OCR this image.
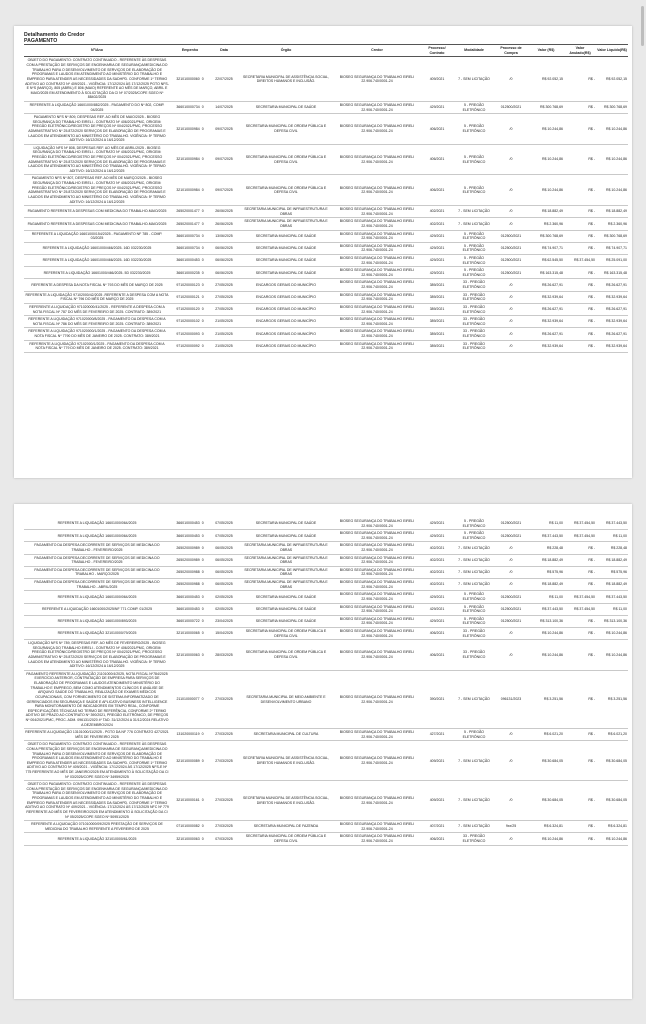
Detalhamento do Credor
PAGAMENTO
Nº/Ano	Empenho	Data	Órgão	Credor	Processo/ Contrato	Modalidade	Processo de Compra	Valor (R$)	Valor Anulado(R$)	Valor Líquido(R$)
OBJETO DO PAGAMENTO: CONTRATO CONTINUADO - REFERENTE ÀS DESPESAS COM A PRESTAÇÃO DE SERVIÇOS DE ENGENHARIA DE SEGURANÇA/MEDICINA DO TRABALHO PARA O DESENVOLVIMENTO DE SERVIÇOS DE ELABORAÇÃO DE PROGRAMAS E LAUDOS EM ATENDIMENTO AO MINISTÉRIO DO TRABALHO E EMPREGO PARA ATENDER AS NECESSIDADES DA SADHPD. CONFORME 1º TERMO ADITIVO AO CONTRATO Nº 409/2021 - VIGÊNCIA: 17/12/2024 ÀS 17/12/2025 PGTO NFS-E NºS (MARÇO), 805 (ABRIL) E 806 (MAIO) REFERENTE AO MÊS DE MARÇO, ABRIL E MAIO/2025 EM ATENDIMENTO À SOLICITAÇÃO DA CI Nº 07/2025/COPE SGEO Nº 88402/2025	321010000060 0	22/07/2025	SECRETARIA MUNICIPAL DE ASSISTÊNCIA SOCIAL, DIREITOS HUMANOS E INCLUSÃO.	BIOSEG SEGURANÇA DO TRABALHO EIRELI 22.906.740/0001-24	409/2021	7 - SEM LICITAÇÃO	/0	R$ 92.052,15	R$ -	R$ 92.052,15
REFERENTE A LIQUIDAÇÃO 16601000/882/2025 - PAGAMENTO DO Nº 802, COMP. 04/2025	366010000734 0	14/07/2025	SECRETARIA MUNICIPAL DE SAÚDE	BIOSEG SEGURANÇA DO TRABALHO EIRELI 22.906.740/0001-24	429/2021	5 - PREGÃO ELETRÔNICO	012500/2021	R$ 300.768,69	R$ -	R$ 300.768,69
PAGAMENTO NFS Nº 809, DESPESAS REF. AO MÊS DE MAIO/2025 - BIOSEG SEGURANÇA DO TRABALHO EIRELI - CONTRATO Nº 406/2021/PMC, ORIGEM: PREGÃO ELETRÔNICO/REGISTRO DE PREÇOS Nº 004/2021/PMC, PROCESSO ADMINISTRATIVO Nº 25.872/2020 SERVIÇOS DE ELABORAÇÃO DE PROGRAMAS E LAUDOS EM ATENDIMENTO AO MINISTÉRIO DO TRABALHO. VIGÊNCIA: 5º TERMO ADITIVO: 16/12/2024 A 16/12/2025	321010000984 0	09/07/2025	SECRETARIA MUNICIPAL DE ORDEM PÚBLICA E DEFESA CIVIL	BIOSEG SEGURANÇA DO TRABALHO EIRELI 22.906.740/0001-24	406/2021	5 - PREGÃO ELETRÔNICO	/0	R$ 10.244,86	R$ -	R$ 10.244,86
LIQUIDAÇÃO NFS Nº 808, DESPESAS REF. AO MÊS DE ABRIL/2025 - BIOSEG SEGURANÇA DO TRABALHO EIRELI - CONTRATO Nº 406/2021/PMC, ORIGEM: PREGÃO ELETRÔNICO/REGISTRO DE PREÇOS Nº 004/2021/PMC, PROCESSO ADMINISTRATIVO Nº 25.872/2020 SERVIÇOS DE ELABORAÇÃO DE PROGRAMAS E LAUDOS EM ATENDIMENTO AO MINISTÉRIO DO TRABALHO. VIGÊNCIA: 5º TERMO ADITIVO: 16/12/2024 A 16/12/2025	321010000984 0	09/07/2025	SECRETARIA MUNICIPAL DE ORDEM PÚBLICA E DEFESA CIVIL	BIOSEG SEGURANÇA DO TRABALHO EIRELI 22.906.740/0001-24	406/2021	5 - PREGÃO ELETRÔNICO	/0	R$ 10.244,86	R$ -	R$ 10.244,86
PAGAMENTO NFS Nº 807, DESPESAS REF. AO MÊS DE MARÇO/2025 - BIOSEG SEGURANÇA DO TRABALHO EIRELI - CONTRATO Nº 406/2021/PMC, ORIGEM: PREGÃO ELETRÔNICO/REGISTRO DE PREÇOS Nº 004/2021/PMC, PROCESSO ADMINISTRATIVO Nº 25.872/2020 SERVIÇOS DE ELABORAÇÃO DE PROGRAMAS E LAUDOS EM ATENDIMENTO AO MINISTÉRIO DO TRABALHO. VIGÊNCIA: 5º TERMO ADITIVO: 16/12/2024 A 16/12/2025	321010000984 0	09/07/2025	SECRETARIA MUNICIPAL DE ORDEM PÚBLICA E DEFESA CIVIL	BIOSEG SEGURANÇA DO TRABALHO EIRELI 22.906.740/0001-24	406/2021	5 - PREGÃO ELETRÔNICO	/0	R$ 10.244,86	R$ -	R$ 10.244,86
PAGAMENTO REFERENTE A DESPESAS COM MEDICINA DO TRABALHO-MAIO/2025	265020001477 0	26/06/2025	SECRETARIA MUNICIPAL DE INFRAESTRUTURA E OBRAS	BIOSEG SEGURANÇA DO TRABALHO EIRELI 22.906.740/0001-24	402/2021	7 - SEM LICITAÇÃO	/0	R$ 18.882,49	R$ -	R$ 18.882,49
PAGAMENTO REFERENTE A DESPESAS COM MEDICINA DO TRABALHO-MAIO/2025	265020001477 0	26/06/2025	SECRETARIA MUNICIPAL DE INFRAESTRUTURA E OBRAS	BIOSEG SEGURANÇA DO TRABALHO EIRELI 22.906.740/0001-24	402/2021	7 - SEM LICITAÇÃO	/0	R$ 2.360,96	R$ -	R$ 2.360,96
REFERENTE A LIQUIDAÇÃO 16601000/154/2025 - PAGAMENTO NF 785 - COMP. 03/2025	366010000734 0	13/06/2025	SECRETARIA MUNICIPAL DE SAÚDE	BIOSEG SEGURANÇA DO TRABALHO EIRELI 22.906.740/0001-24	429/2021	5 - PREGÃO ELETRÔNICO	012500/2021	R$ 300.768,69	R$ -	R$ 300.768,69
REFERENTE A LIQUIDAÇÃO 16601000/466/2025- 16D 032230/2025	366010000734 0	06/06/2025	SECRETARIA MUNICIPAL DE SAÚDE	BIOSEG SEGURANÇA DO TRABALHO EIRELI 22.906.740/0001-24	429/2021	5 - PREGÃO ELETRÔNICO	012500/2021	R$ 74.907,71	R$ -	R$ 74.907,71
REFERENTE A LIQUIDAÇÃO 16601000/466/2025- 16D 032230/2025	366010000453 0	06/06/2025	SECRETARIA MUNICIPAL DE SAÚDE	BIOSEG SEGURANÇA DO TRABALHO EIRELI 22.906.740/0001-24	429/2021	5 - PREGÃO ELETRÔNICO	012500/2021	R$ 62.545,50	R$ 37.454,50	R$ 25.091,00
REFERENTE A LIQUIDAÇÃO 16601000/466/2025- 5D 032230/2025	366010000235 0	06/06/2025	SECRETARIA MUNICIPAL DE SAÚDE	BIOSEG SEGURANÇA DO TRABALHO EIRELI 22.906.740/0001-24	429/2021	5 - PREGÃO ELETRÔNICO	012500/2021	R$ 163.315,48	R$ -	R$ 163.315,48
REFERENTE A DESPESA DA NOTA FISCAL Nº 793 DO MÊS DE MARÇO DE 2025	971020000123 0	27/05/2025	ENCARGOS GERAIS DO MUNICÍPIO	BIOSEG SEGURANÇA DO TRABALHO EIRELI 22.906.740/0001-24	389/2021	33 - PREGÃO ELETRÔNICO	/0	R$ 26.627,91	R$ -	R$ 26.627,91
REFERENTE A LIQUIDAÇÃO 97102000/42/2025 -REFERENTE A DESPESA COM A NOTA FISCAL Nº 796 DO MÊS DE MARÇO DE 2025	971020000121 0	27/05/2025	ENCARGOS GERAIS DO MUNICÍPIO	BIOSEG SEGURANÇA DO TRABALHO EIRELI 22.906.740/0001-24	389/2021	33 - PREGÃO ELETRÔNICO	/0	R$ 32.939,64	R$ -	R$ 32.939,64
REFERENTE A LIQUIDAÇÃO 971020000/41/2025 - REFERENTE A DESPESA COM A NOTA FISCAL Nº 787 DO MÊS DE FEVEREIRO DE 2025. CONTRATO: 389/2021	971020000120 0	27/05/2025	ENCARGOS GERAIS DO MUNICÍPIO	BIOSEG SEGURANÇA DO TRABALHO EIRELI 22.906.740/0001-24	389/2021	33 - PREGÃO ELETRÔNICO	/0	R$ 26.627,91	R$ -	R$ 26.627,91
REFERENTE A LIQUIDAÇÃO 971020000/8/2025 - PAGAMENTO DA DESPESA COM A NOTA FISCAL Nº 786 DO MÊS DE FEVEREIRO DE 2025. CONTRATO: 389/2021	971020000102 0	21/05/2025	ENCARGOS GERAIS DO MUNICÍPIO	BIOSEG SEGURANÇA DO TRABALHO EIRELI 22.906.740/0001-24	389/2021	33 - PREGÃO ELETRÔNICO	/0	R$ 32.939,64	R$ -	R$ 32.939,64
REFERENTE A LIQUIDAÇÃO 971020000/1/2025 - PAGAMENTO DA DESPESA COM A NOTA FISCAL Nº 7790 DO MÊS DE JANEIRO DE 2025. CONTRATO: 389/2021	971020000093 0	21/05/2025	ENCARGOS GERAIS DO MUNICÍPIO	BIOSEG SEGURANÇA DO TRABALHO EIRELI 22.906.740/0001-24	389/2021	33 - PREGÃO ELETRÔNICO	/0	R$ 26.627,91	R$ -	R$ 26.627,91
REFERENTE A LIQUIDAÇÃO 97102000/1/2025 - PAGAMENTO DA DESPESA COM A NOTA FISCAL Nº 779 DO MÊS DE JANEIRO DE 2025. CONTRATO: 389/2021	971020000092 0	21/05/2025	ENCARGOS GERAIS DO MUNICÍPIO	BIOSEG SEGURANÇA DO TRABALHO EIRELI 22.906.740/0001-24	389/2021	33 - PREGÃO ELETRÔNICO	/0	R$ 32.939,64	R$ -	R$ 32.939,64
REFERENTE A LIQUIDAÇÃO 16601000/064/2025	366010000453 0	07/05/2025	SECRETARIA MUNICIPAL DE SAÚDE	BIOSEG SEGURANÇA DO TRABALHO EIRELI 22.906.740/0001-24	429/2021	5 - PREGÃO ELETRÔNICO	012500/2021	R$ 11,00	R$ 37.454,50	R$ 37.443,50
REFERENTE A LIQUIDAÇÃO 16601000/064/2025	366010000453 0	07/05/2025	SECRETARIA MUNICIPAL DE SAÚDE	BIOSEG SEGURANÇA DO TRABALHO EIRELI 22.906.740/0001-24	429/2021	5 - PREGÃO ELETRÔNICO	012500/2021	R$ 37.443,50	R$ 37.454,50	R$ 11,00
PAGAMENTO DA DESPESA DECORRENTE DE SERVIÇOS DE MEDICINA DO TRABALHO - FEVEREIRO/2025	265020000989 0	06/05/2025	SECRETARIA MUNICIPAL DE INFRAESTRUTURA E OBRAS	BIOSEG SEGURANÇA DO TRABALHO EIRELI 22.906.740/0001-24	402/2021	7 - SEM LICITAÇÃO	/0	R$ 228,48	R$ -	R$ 228,48
PAGAMENTO DA DESPESA DECORRENTE DE SERVIÇOS DE MEDICINA DO TRABALHO - FEVEREIRO/2025	265020000989 0	06/05/2025	SECRETARIA MUNICIPAL DE INFRAESTRUTURA E OBRAS	BIOSEG SEGURANÇA DO TRABALHO EIRELI 22.906.740/0001-24	402/2021	7 - SEM LICITAÇÃO	/0	R$ 18.882,49	R$ -	R$ 18.882,49
PAGAMENTO DA DESPESA DECORRENTE DE SERVIÇOS DE MEDICINA DO TRABALHO - MARÇO/2025	265020000988 0	06/05/2025	SECRETARIA MUNICIPAL DE INFRAESTRUTURA E OBRAS	BIOSEG SEGURANÇA DO TRABALHO EIRELI 22.906.740/0001-24	402/2021	7 - SEM LICITAÇÃO	/0	R$ 575,96	R$ -	R$ 575,96
PAGAMENTO DA DESPESA DECORRENTE DE SERVIÇOS DE MEDICINA DO TRABALHO - ABRIL/2025	265020000988 0	06/05/2025	SECRETARIA MUNICIPAL DE INFRAESTRUTURA E OBRAS	BIOSEG SEGURANÇA DO TRABALHO EIRELI 22.906.740/0001-24	402/2021	7 - SEM LICITAÇÃO	/0	R$ 18.882,49	R$ -	R$ 18.882,49
REFERENTE A LIQUIDAÇÃO 16601000/064/2025	366010000453 0	02/05/2025	SECRETARIA MUNICIPAL DE SAÚDE	BIOSEG SEGURANÇA DO TRABALHO EIRELI 22.906.740/0001-24	429/2021	5 - PREGÃO ELETRÔNICO	012500/2021	R$ 11,00	R$ 37.454,50	R$ 37.443,50
REFERENTE A LIQUIDAÇÃO 16601000/2025/NF 771 COMP. 01/2025	366010000453 0	02/05/2025	SECRETARIA MUNICIPAL DE SAÚDE	BIOSEG SEGURANÇA DO TRABALHO EIRELI 22.906.740/0001-24	429/2021	5 - PREGÃO ELETRÔNICO	012500/2021	R$ 37.443,50	R$ 37.454,50	R$ 11,00
REFERENTE A LIQUIDAÇÃO 16601000/893/2025	366010000722 0	23/04/2025	SECRETARIA MUNICIPAL DE SAÚDE	BIOSEG SEGURANÇA DO TRABALHO EIRELI 22.906.740/0001-24	429/2021	5 - PREGÃO ELETRÔNICO	012500/2021	R$ 313.100,36	R$ -	R$ 313.100,36
REFERENTE A LIQUIDAÇÃO 321010000/79/2025	321010000065 0	15/04/2025	SECRETARIA MUNICIPAL DE ORDEM PÚBLICA E DEFESA CIVIL	BIOSEG SEGURANÇA DO TRABALHO EIRELI 22.906.740/0001-24	406/2021	33 - PREGÃO ELETRÔNICO	/0	R$ 10.244,86	R$ -	R$ 10.244,86
LIQUIDAÇÃO NFS Nº 789, DESPESAS REF. AO MÊS DE FEVEREIRO/2025 - BIOSEG SEGURANÇA DO TRABALHO EIRELI - CONTRATO Nº 406/2021/PMC, ORIGEM: PREGÃO ELETRÔNICO/REGISTRO DE PREÇOS Nº 004/2021/PMC, PROCESSO ADMINISTRATIVO Nº 25.872/2020 SERVIÇOS DE ELABORAÇÃO DE PROGRAMAS E LAUDOS EM ATENDIMENTO AO MINISTÉRIO DO TRABALHO. VIGÊNCIA: 5º TERMO ADITIVO: 16/12/2024 A 16/12/2025	321010000063 0	28/03/2025	SECRETARIA MUNICIPAL DE ORDEM PÚBLICA E DEFESA CIVIL	BIOSEG SEGURANÇA DO TRABALHO EIRELI 22.906.740/0001-24	406/2021	33 - PREGÃO ELETRÔNICO	/0	R$ 10.244,86	R$ -	R$ 10.244,86
PAGAMENTO REFERENTE A LIQUIDAÇÃO 21101000/4/2025, NOTA FISCAL Nº784/2025 EXERCÍCIO ANTERIOR, CONTRATAÇÃO DE EMPRESA PARA SERVIÇOS DE ELABORAÇÃO DE PROGRAMAS E LAUDOS ATENDIMENTO MINISTÉRIO DO TRABALHO E EMPREGO, BEM COMO ATENDIMENTOS CLÍNICOS E ANÁLISE DE ARQUIVO SAÚDE DO TRABALHO, REALIZAÇÃO DE EXAMES MÉDICOS OCUPACIONAIS, COM FORNECIMENTO DE SISTEMA INFORMATIZADO DE GERENCIADOS EM SEGURANÇA E SAÚDE E APLICATIVO BUSINESS INTELLIGENCE PARA MONITORAMENTO DE INDICADORES EM TEMPO REAL, CONFORME ESPECIFICAÇÕES TÉCNICAS NO TERMO DE REFERÊNCIA, CONFORME 2º TERMO ADITIVO DE PRAZO AO CONTRATO Nº 390/2021, PREGÃO ELETRÔNICO, DE PREÇOS Nº 004/2021/PMC, PROC. ADM. 096131/2020 4º TAD. 31/12/2024 A 31/12/2024 RELATIVO A DEZEMBRO/2024	211010000077 0	27/03/2025	SECRETARIA MUNICIPAL DE MEIO AMBIENTE E DESENVOLVIMENTO URBANO	BIOSEG SEGURANÇA DO TRABALHO EIRELI 22.906.740/0001-24	390/2021	7 - SEM LICITAÇÃO	096131/2023	R$ 3.251,56	R$ -	R$ 3.251,56
REFERENTE A LIQUIDAÇÃO 13101000/11/2025 - PGTO DA NF 776 CONTRATO 427/2021 MÊS DE FEVEREIRO 2025	131020000119 0	27/03/2025	SECRETARIA MUNICIPAL DE CULTURA	BIOSEG SEGURANÇA DO TRABALHO EIRELI 22.906.740/0001-24	427/2021	5 - PREGÃO ELETRÔNICO	/0	R$ 6.021,20	R$ -	R$ 6.021,20
OBJETO DO PAGAMENTO: CONTRATO CONTINUADO - REFERENTE ÀS DESPESAS COM A PRESTAÇÃO DE SERVIÇOS DE ENGENHARIA DE SEGURANÇA/MEDICINA DO TRABALHO PARA O DESENVOLVIMENTO DE SERVIÇOS DE ELABORAÇÃO DE PROGRAMAS E LAUDOS EM ATENDIMENTO AO MINISTÉRIO DO TRABALHO E EMPREGO PARA ATENDER AS NECESSIDADES DA SADHPD. CONFORME 1º TERMO ADITIVO AO CONTRATO Nº 409/2021 - VIGÊNCIA: 17/12/2024 ÀS 17/12/2025 NFS-E Nº 775 REFERENTE AO MÊS DE JANEIRO/2025 EM ATENDIMENTO À SOLICITAÇÃO DA CI Nº 03/2025/COPE SGEO Nº 34959/2025	321010000089 0	27/03/2025	SECRETARIA MUNICIPAL DE ASSISTÊNCIA SOCIAL, DIREITOS HUMANOS E INCLUSÃO.	BIOSEG SEGURANÇA DO TRABALHO EIRELI 22.906.740/0001-24	409/2021	7 - SEM LICITAÇÃO	/0	R$ 30.684,05	R$ -	R$ 30.684,05
OBJETO DO PAGAMENTO: CONTRATO CONTINUADO - REFERENTE ÀS DESPESAS COM A PRESTAÇÃO DE SERVIÇOS DE ENGENHARIA DE SEGURANÇA/MEDICINA DO TRABALHO PARA O DESENVOLVIMENTO DE SERVIÇOS DE ELABORAÇÃO DE PROGRAMAS E LAUDOS EM ATENDIMENTO AO MINISTÉRIO DO TRABALHO E EMPREGO PARA ATENDER AS NECESSIDADES DA SADHPD. CONFORME 1º TERMO ADITIVO AO CONTRATO Nº 409/2021 - VIGÊNCIA: 17/12/2024 ÀS 17/12/2025 NFC Nº 779 REFERENTE AO MÊS DE FEVEREIRO/2025 EM ATENDIMENTO À SOLICITAÇÃO DA CI Nº 05/2025/COPE SGEO Nº 50951/2025	321010000161 0	27/03/2025	SECRETARIA MUNICIPAL DE ASSISTÊNCIA SOCIAL, DIREITOS HUMANOS E INCLUSÃO.	BIOSEG SEGURANÇA DO TRABALHO EIRELI 22.906.740/0001-24	409/2021	7 - SEM LICITAÇÃO	/0	R$ 30.684,05	R$ -	R$ 30.684,05
REFERENTE A LIQUIDAÇÃO 071010000/09/2025 PRESTAÇÃO DE SERVIÇOS DE MEDICINA DO TRABALHO REFERENTE A FEVEREIRO DE 2025	071010000082 0	27/03/2025	SECRETARIA MUNICIPAL DE FAZENDA	BIOSEG SEGURANÇA DO TRABALHO EIRELI 22.906.740/0001-24	407/2021	7 - SEM LICITAÇÃO	9xx/25	R$ 6.324,81	R$ -	R$ 6.324,81
REFERENTE A LIQUIDAÇÃO 321010000/61/2025	321010000063 0	07/03/2025	SECRETARIA MUNICIPAL DE ORDEM PÚBLICA E DEFESA CIVIL	BIOSEG SEGURANÇA DO TRABALHO EIRELI 22.906.740/0001-24	406/2021	33 - PREGÃO ELETRÔNICO	/0	R$ 10.244,86	R$ -	R$ 10.244,86
